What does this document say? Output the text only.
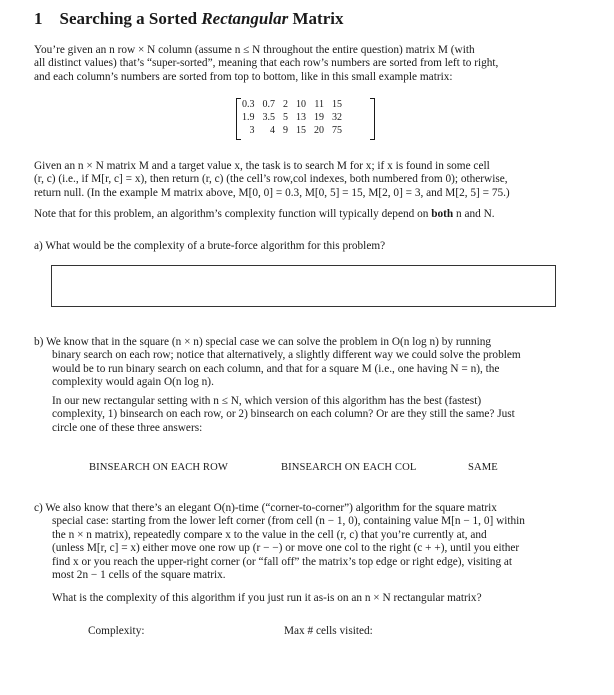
1 Searching a Sorted Rectangular Matrix
You’re given an n row × N column (assume n ≤ N throughout the entire question) matrix M (with
all distinct values) that’s “super-sorted”, meaning that each row’s numbers are sorted from left to right,
and each column’s numbers are sorted from top to bottom, like in this small example matrix:
0.3	0.7	2	10	11	15
1.9	3.5	5	13	19	32
3	4	9	15	20	75
Given an n × N matrix M and a target value x, the task is to search M for x; if x is found in some cell
(r, c) (i.e., if M[r, c] = x), then return (r, c) (the cell’s row,col indexes, both numbered from 0); otherwise,
return null. (In the example M matrix above, M[0, 0] = 0.3, M[0, 5] = 15, M[2, 0] = 3, and M[2, 5] = 75.)
Note that for this problem, an algorithm’s complexity function will typically depend on both n and N.
a) What would be the complexity of a brute-force algorithm for this problem?
b) We know that in the square (n × n) special case we can solve the problem in O(n log n) by running
binary search on each row; notice that alternatively, a slightly different way we could solve the problem
would be to run binary search on each column, and that for a square M (i.e., one having N = n), the
complexity would again O(n log n).
In our new rectangular setting with n ≤ N, which version of this algorithm has the best (fastest)
complexity, 1) binsearch on each row, or 2) binsearch on each column? Or are they still the same? Just
circle one of these three answers:
BINSEARCH ON EACH ROW	BINSEARCH ON EACH COL	SAME
c) We also know that there’s an elegant O(n)-time (“corner-to-corner”) algorithm for the square matrix
special case: starting from the lower left corner (from cell (n − 1, 0), containing value M[n − 1, 0] within
the n × n matrix), repeatedly compare x to the value in the cell (r, c) that you’re currently at, and
(unless M[r, c] = x) either move one row up (r − −) or move one col to the right (c + +), until you either
find x or you reach the upper-right corner (or “fall off” the matrix’s top edge or right edge), visiting at
most 2n − 1 cells of the square matrix.
What is the complexity of this algorithm if you just run it as-is on an n × N rectangular matrix?
Complexity:	Max # cells visited:
